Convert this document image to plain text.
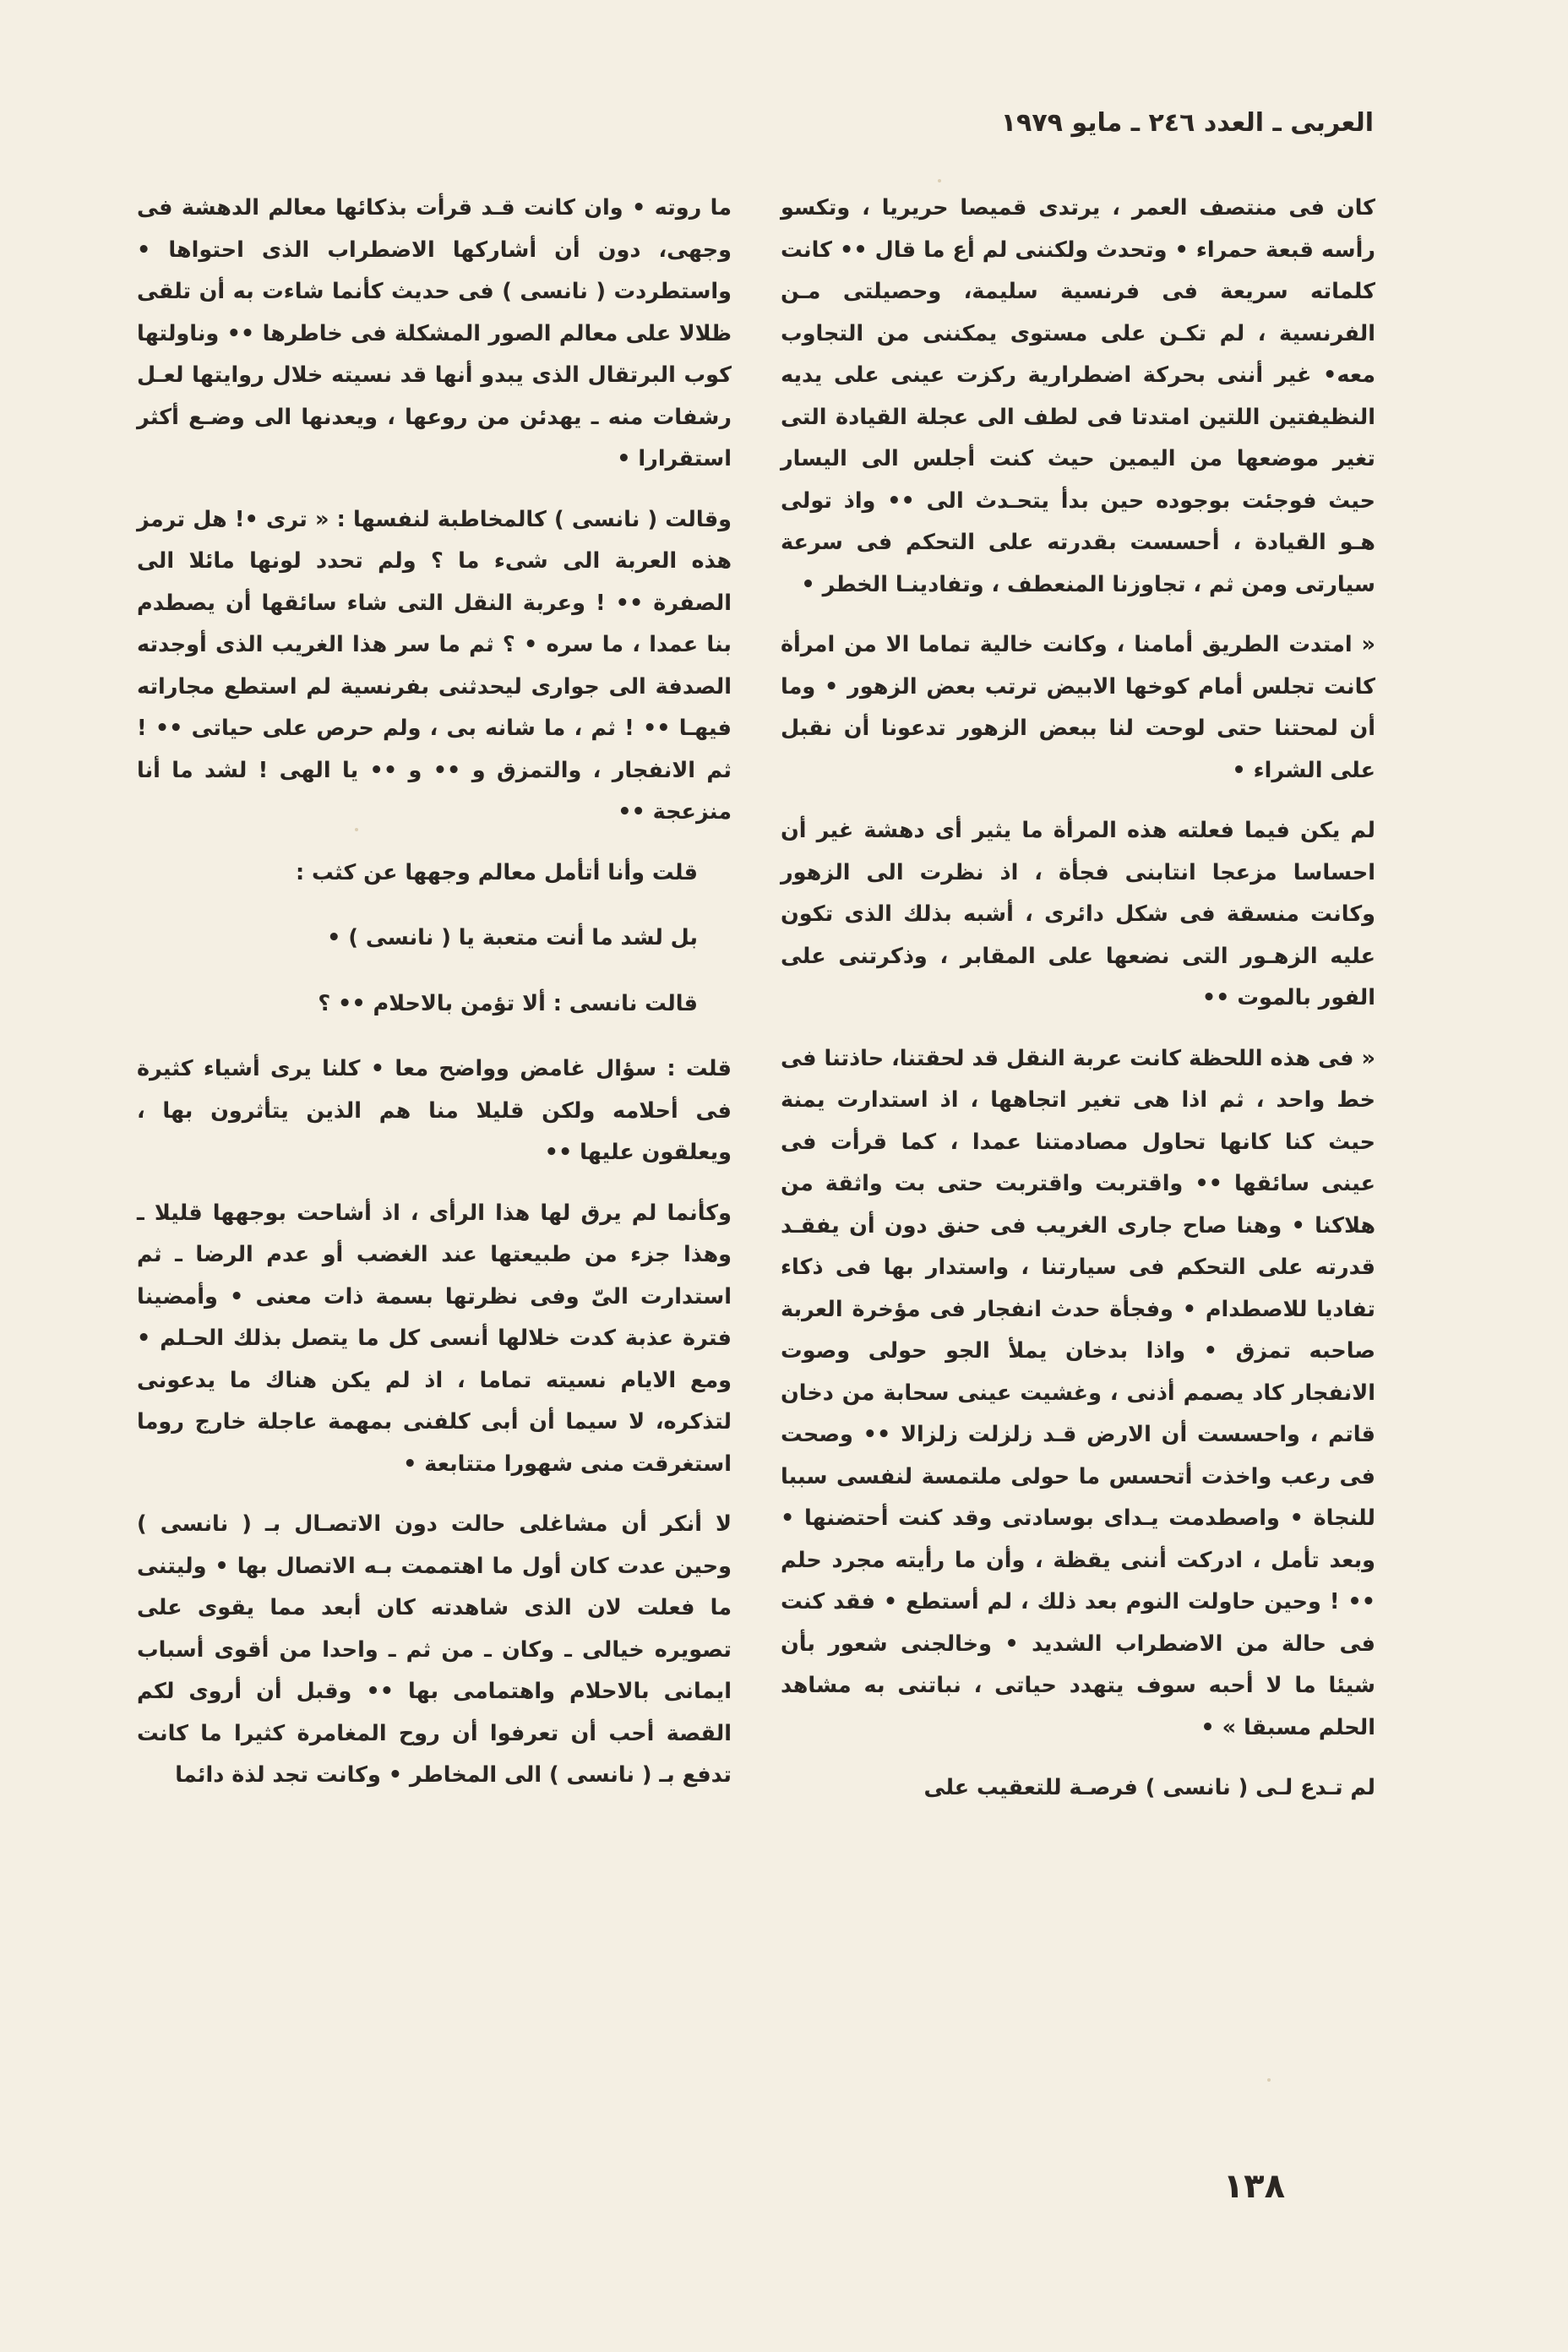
العربى ـ العدد ٢٤٦ ـ مايو ١٩٧٩

كان فى منتصف العمر ، يرتدى قميصا حريريا ، وتكسو رأسه قبعة حمراء • وتحدث ولكننى لم أع ما قال •• كانت كلماته سريعة فى فرنسية سليمة، وحصيلتى مـن الفرنسية ، لم تكـن على مستوى يمكننى من التجاوب معه• غير أننى بحركة اضطرارية ركزت عينى على يديه النظيفتين اللتين امتدتا فى لطف الى عجلة القيادة التى تغير موضعها من اليمين حيث كنت أجلس الى اليسار حيث فوجئت بوجوده حين بدأ يتحـدث الى •• واذ تولى هـو القيادة ، أحسست بقدرته على التحكم فى سرعة سيارتى ومن ثم ، تجاوزنا المنعطف ، وتفادينـا الخطر •

« امتدت الطريق أمامنا ، وكانت خالية تماما الا من امرأة كانت تجلس أمام كوخها الابيض ترتب بعض الزهور • وما أن لمحتنا حتى لوحت لنا ببعض الزهور تدعونا أن نقبل على الشراء •

لم يكن فيما فعلته هذه المرأة ما يثير أى دهشة غير أن احساسا مزعجا انتابنى فجأة ، اذ نظرت الى الزهور وكانت منسقة فى شكل دائرى ، أشبه بذلك الذى تكون عليه الزهـور التى نضعها على المقابر ، وذكرتنى على الفور بالموت ••

« فى هذه اللحظة كانت عربة النقل قد لحقتنا، حاذتنا فى خط واحد ، ثم اذا هى تغير اتجاهها ، اذ استدارت يمنة حيث كنا كانها تحاول مصادمتنا عمدا ، كما قرأت فى عينى سائقها •• واقتربت واقتربت حتى بت واثقة من هلاكنا • وهنا صاح جارى الغريب فى حنق دون أن يفقـد قدرته على التحكم فى سيارتنا ، واستدار بها فى ذكاء تفاديا للاصطدام • وفجأة حدث انفجار فى مؤخرة العربة صاحبه تمزق • واذا بدخان يملأ الجو حولى وصوت الانفجار كاد يصمم أذنى ، وغشيت عينى سحابة من دخان قاتم ، واحسست أن الارض قـد زلزلت زلزالا •• وصحت فى رعب واخذت أتحسس ما حولى ملتمسة لنفسى سببا للنجاة • واصطدمت يـداى بوسادتى وقد كنت أحتضنها • وبعد تأمل ، ادركت أننى يقظة ، وأن ما رأيته مجرد حلم •• ! وحين حاولت النوم بعد ذلك ، لم أستطع • فقد كنت فى حالة من الاضطراب الشديد • وخالجنى شعور بأن شيئا ما لا أحبه سوف يتهدد حياتى ، نباتنى به مشاهد الحلم مسبقا » •

لم تـدع لـى ( نانسى ) فرصـة للتعقيب على

ما روته • وان كانت قـد قرأت بذكائها معالم الدهشة فى وجهى، دون أن أشاركها الاضطراب الذى احتواها • واستطردت ( نانسى ) فى حديث كأنما شاءت به أن تلقى ظلالا على معالم الصور المشكلة فى خاطرها •• وناولتها كوب البرتقال الذى يبدو أنها قد نسيته خلال روايتها لعـل رشفات منه ـ يهدئن من روعها ، ويعدنها الى وضـع أكثر استقرارا •

وقالت ( نانسى ) كالمخاطبة لنفسها : « ترى •! هل ترمز هذه العربة الى شىء ما ؟ ولم تحدد لونها مائلا الى الصفرة •• ! وعربة النقل التى شاء سائقها أن يصطدم بنا عمدا ، ما سره • ؟ ثم ما سر هذا الغريب الذى أوجدته الصدفة الى جوارى ليحدثنى بفرنسية لم استطع مجاراته فيهـا •• ! ثم ، ما شانه بى ، ولم حرص على حياتى •• ! ثم الانفجار ، والتمزق و •• و •• يا الهى ! لشد ما أنا منزعجة ••

قلت وأنا أتأمل معالم وجهها عن كثب :

بل لشد ما أنت متعبة يا ( نانسى ) •

قالت نانسى : ألا تؤمن بالاحلام •• ؟

قلت : سؤال غامض وواضح معا • كلنا يرى أشياء كثيرة فى أحلامه ولكن قليلا منا هم الذين يتأثرون بها ، ويعلقون عليها ••

وكأنما لم يرق لها هذا الرأى ، اذ أشاحت بوجهها قليلا ـ وهذا جزء من طبيعتها عند الغضب أو عدم الرضا ـ ثم استدارت الىّ وفى نظرتها بسمة ذات معنى • وأمضينا فترة عذبة كدت خلالها أنسى كل ما يتصل بذلك الحـلم • ومع الايام نسيته تماما ، اذ لم يكن هناك ما يدعونى لتذكره، لا سيما أن أبى كلفنى بمهمة عاجلة خارج روما استغرقت منى شهورا متتابعة •

لا أنكر أن مشاغلى حالت دون الاتصـال بـ ( نانسى ) وحين عدت كان أول ما اهتممت بـه الاتصال بها • وليتنى ما فعلت لان الذى شاهدته كان أبعد مما يقوى على تصويره خيالى ـ وكان ـ من ثم ـ واحدا من أقوى أسباب ايمانى بالاحلام واهتمامى بها •• وقبل أن أروى لكم القصة أحب أن تعرفوا أن روح المغامرة كثيرا ما كانت تدفع بـ ( نانسى ) الى المخاطر • وكانت تجد لذة دائما

١٣٨
